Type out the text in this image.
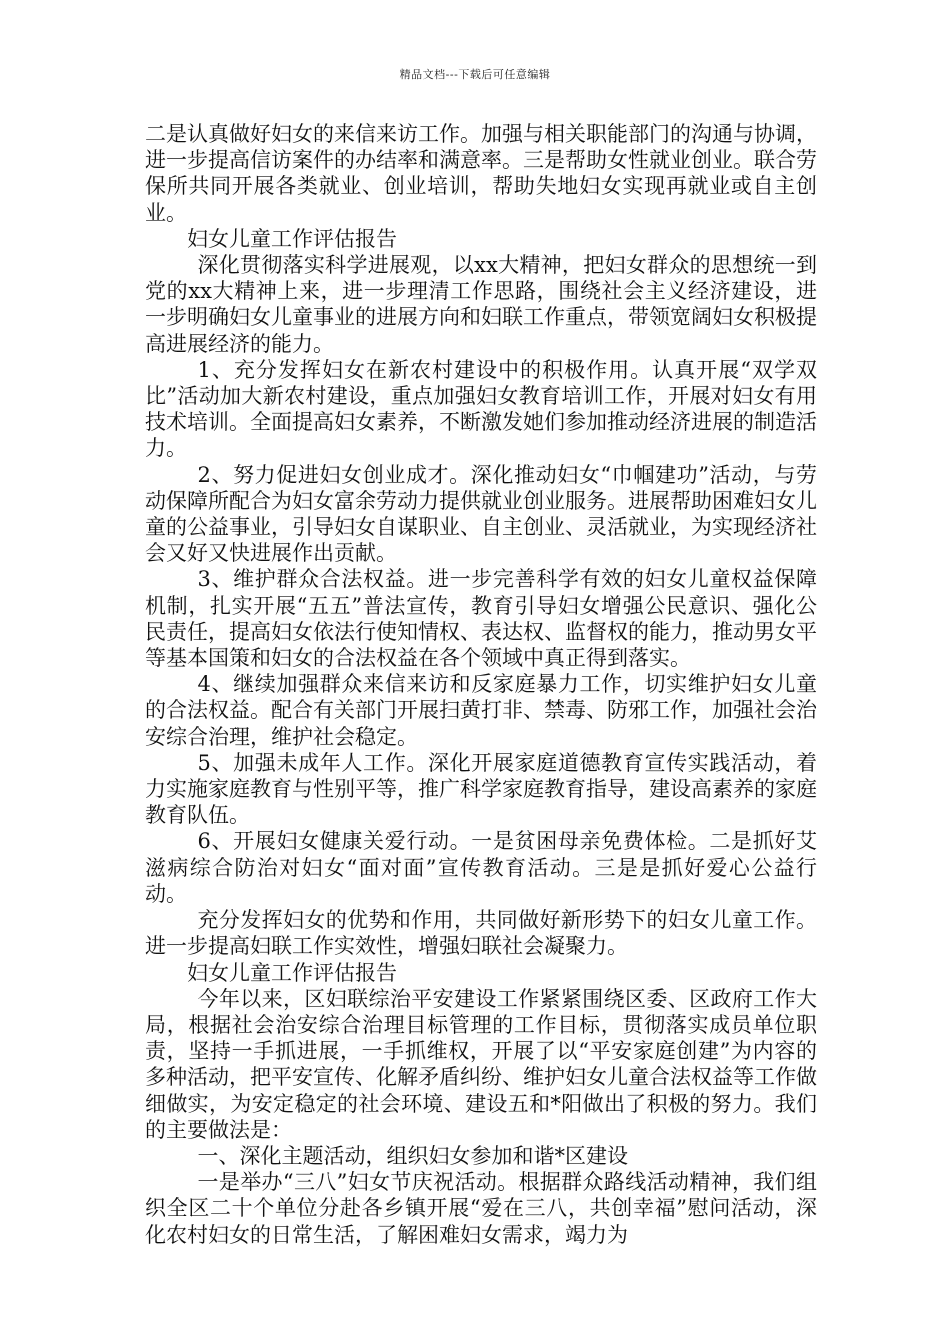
精品文档---下载后可任意编辑

二是认真做好妇女的来信来访工作。加强与相关职能部门的沟通与协调，进一步提高信访案件的办结率和满意率。三是帮助女性就业创业。联合劳保所共同开展各类就业、创业培训，帮助失地妇女实现再就业或自主创业。

妇女儿童工作评估报告

深化贯彻落实科学进展观，以xx大精神，把妇女群众的思想统一到党的xx大精神上来，进一步理清工作思路，围绕社会主义经济建设，进一步明确妇女儿童事业的进展方向和妇联工作重点，带领宽阔妇女积极提高进展经济的能力。

1、充分发挥妇女在新农村建设中的积极作用。认真开展“双学双比”活动加大新农村建设，重点加强妇女教育培训工作，开展对妇女有用技术培训。全面提高妇女素养，不断激发她们参加推动经济进展的制造活力。

2、努力促进妇女创业成才。深化推动妇女“巾帼建功”活动，与劳动保障所配合为妇女富余劳动力提供就业创业服务。进展帮助困难妇女儿童的公益事业，引导妇女自谋职业、自主创业、灵活就业，为实现经济社会又好又快进展作出贡献。

3、维护群众合法权益。进一步完善科学有效的妇女儿童权益保障机制，扎实开展“五五”普法宣传，教育引导妇女增强公民意识、强化公民责任，提高妇女依法行使知情权、表达权、监督权的能力，推动男女平等基本国策和妇女的合法权益在各个领域中真正得到落实。

4、继续加强群众来信来访和反家庭暴力工作，切实维护妇女儿童的合法权益。配合有关部门开展扫黄打非、禁毒、防邪工作，加强社会治安综合治理，维护社会稳定。

5、加强未成年人工作。深化开展家庭道德教育宣传实践活动，着力实施家庭教育与性别平等，推广科学家庭教育指导，建设高素养的家庭教育队伍。

6、开展妇女健康关爱行动。一是贫困母亲免费体检。二是抓好艾滋病综合防治对妇女“面对面”宣传教育活动。三是是抓好爱心公益行动。

充分发挥妇女的优势和作用，共同做好新形势下的妇女儿童工作。进一步提高妇联工作实效性，增强妇联社会凝聚力。

妇女儿童工作评估报告

今年以来，区妇联综治平安建设工作紧紧围绕区委、区政府工作大局，根据社会治安综合治理目标管理的工作目标，贯彻落实成员单位职责，坚持一手抓进展，一手抓维权，开展了以“平安家庭创建”为内容的多种活动，把平安宣传、化解矛盾纠纷、维护妇女儿童合法权益等工作做细做实，为安定稳定的社会环境、建设五和*阳做出了积极的努力。我们的主要做法是：

一、深化主题活动，组织妇女参加和谐*区建设

一是举办“三八”妇女节庆祝活动。根据群众路线活动精神，我们组织全区二十个单位分赴各乡镇开展“爱在三八，共创幸福”慰问活动，深化农村妇女的日常生活，了解困难妇女需求，竭力为
